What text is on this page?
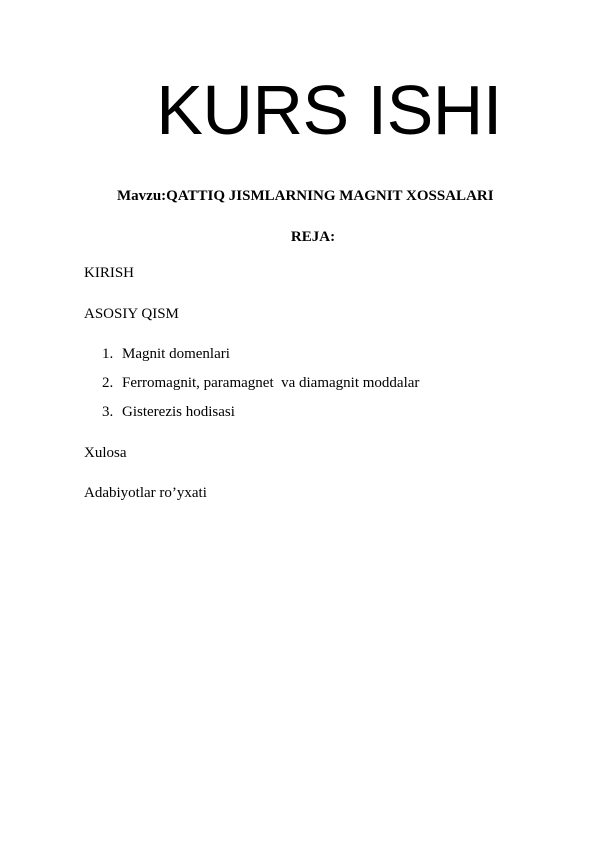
KURS ISHI
Mavzu:QATTIQ JISMLARNING MAGNIT XOSSALARI
REJA:
KIRISH
ASOSIY QISM
1. Magnit domenlari
2. Ferromagnit, paramagnet  va diamagnit moddalar
3. Gisterezis hodisasi
Xulosa
Adabiyotlar ro’yxati
